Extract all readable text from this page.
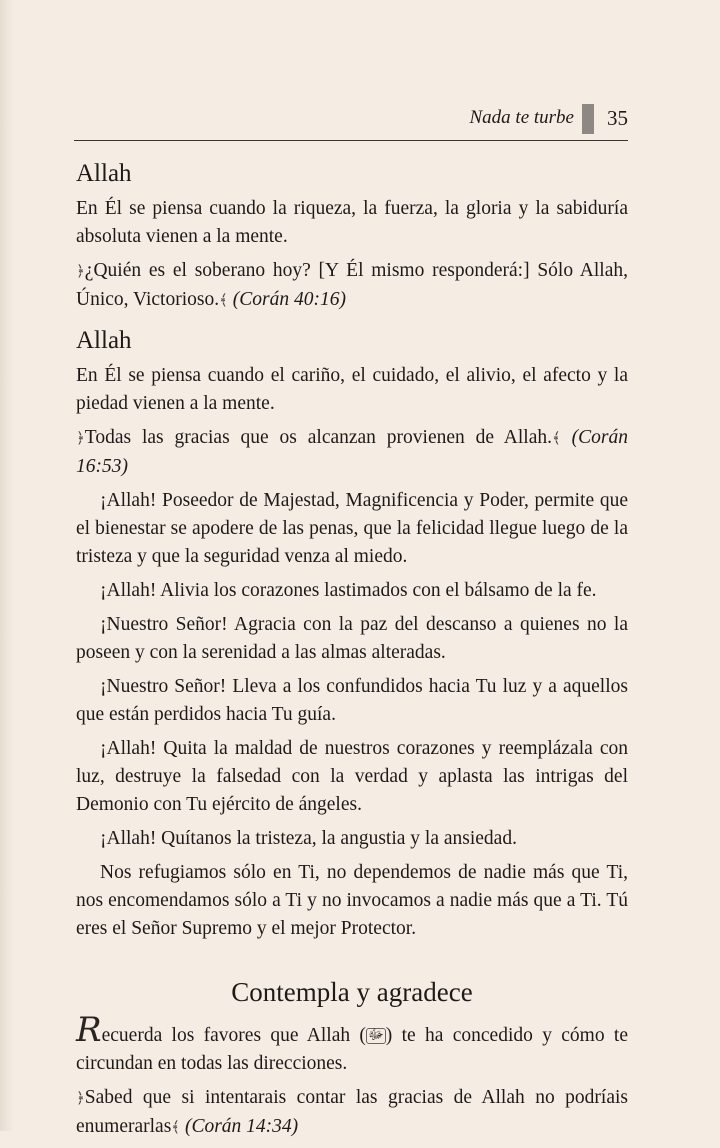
Nada te turbe 35
Allah

En Él se piensa cuando la riqueza, la fuerza, la gloria y la sabiduría absoluta vienen a la mente.

﴿¿Quién es el soberano hoy? [Y Él mismo responderá:] Sólo Allah, Único, Victorioso.﴾ (Corán 40:16)

Allah

En Él se piensa cuando el cariño, el cuidado, el alivio, el afecto y la piedad vienen a la mente.

﴿Todas las gracias que os alcanzan provienen de Allah.﴾ (Corán 16:53)

¡Allah! Poseedor de Majestad, Magnificencia y Poder, permite que el bienestar se apodere de las penas, que la felicidad llegue luego de la tristeza y que la seguridad venza al miedo.

¡Allah! Alivia los corazones lastimados con el bálsamo de la fe.

¡Nuestro Señor! Agracia con la paz del descanso a quienes no la poseen y con la serenidad a las almas alteradas.

¡Nuestro Señor! Lleva a los confundidos hacia Tu luz y a aquellos que están perdidos hacia Tu guía.

¡Allah! Quita la maldad de nuestros corazones y reemplázala con luz, destruye la falsedad con la verdad y aplasta las intrigas del Demonio con Tu ejército de ángeles.

¡Allah! Quítanos la tristeza, la angustia y la ansiedad.

Nos refugiamos sólo en Ti, no dependemos de nadie más que Ti, nos encomendamos sólo a Ti y no invocamos a nadie más que a Ti. Tú eres el Señor Supremo y el mejor Protector.

Contempla y agradece

Recuerda los favores que Allah ( ﷻ ) te ha concedido y cómo te circundan en todas las direcciones.

﴿Sabed que si intentarais contar las gracias de Allah no podríais enumerarlas﴾ (Corán 14:34)
